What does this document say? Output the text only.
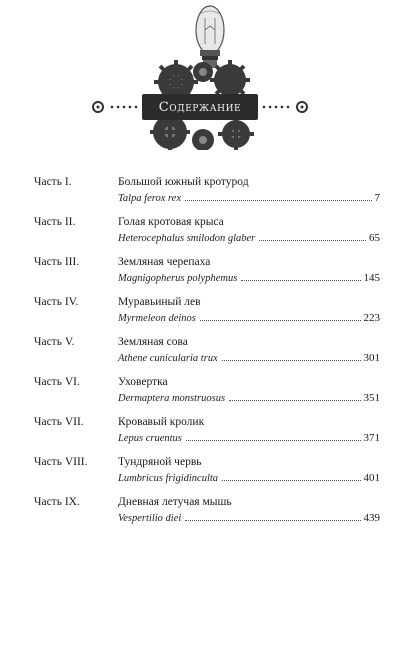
Содержание
Часть I.	Большой южный кротурод
Talpa ferox rex	7
Часть II.	Голая кротовая крыса
Heterocephalus smilodon glaber	65
Часть III.	Земляная черепаха
Magnigopherus polyphemus	145
Часть IV.	Муравьиный лев
Myrmeleon deinos	223
Часть V.	Земляная сова
Athene cunicularia trux	301
Часть VI.	Уховертка
Dermaptera monstruosus	351
Часть VII.	Кровавый кролик
Lepus cruentus	371
Часть VIII.	Тундряной червь
Lumbricus frigidinculta	401
Часть IX.	Дневная летучая мышь
Vespertilio diei	439
